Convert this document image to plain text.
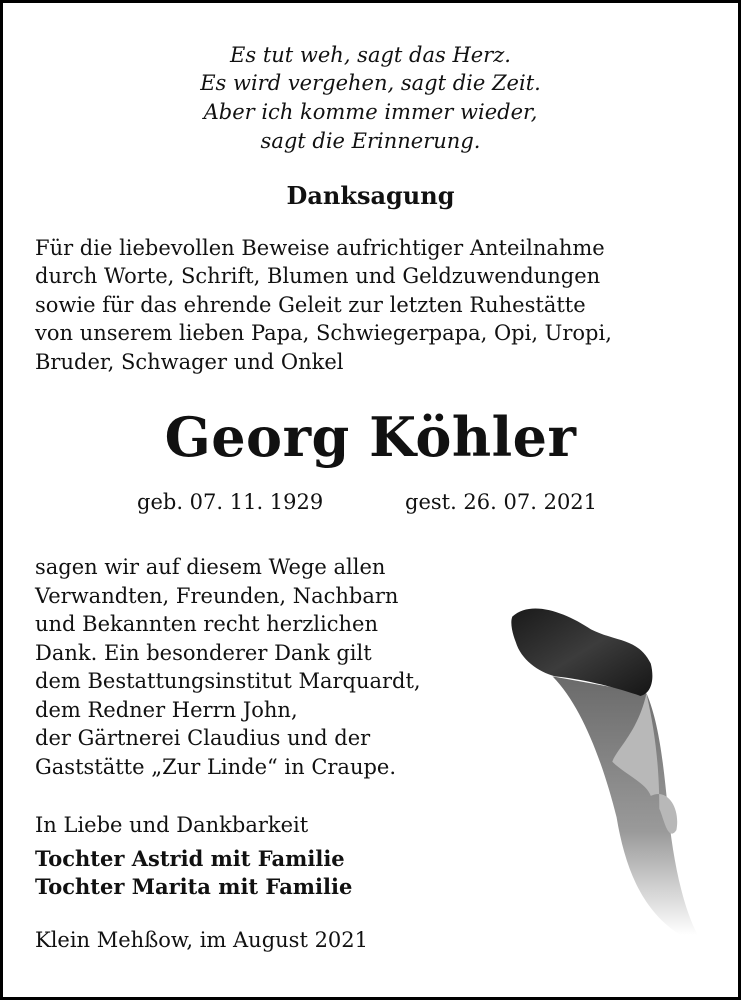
Es tut weh, sagt das Herz.
Es wird vergehen, sagt die Zeit.
Aber ich komme immer wieder,
sagt die Erinnerung.
Danksagung
Für die liebevollen Beweise aufrichtiger Anteilnahme
durch Worte, Schrift, Blumen und Geldzuwendungen
sowie für das ehrende Geleit zur letzten Ruhestätte
von unserem lieben Papa, Schwiegerpapa, Opi, Uropi,
Bruder, Schwager und Onkel
Georg Köhler
geb. 07. 11. 1929	gest. 26. 07. 2021
sagen wir auf diesem Wege allen
Verwandten, Freunden, Nachbarn
und Bekannten recht herzlichen
Dank. Ein besonderer Dank gilt
dem Bestattungsinstitut Marquardt,
dem Redner Herrn John,
der Gärtnerei Claudius und der
Gaststätte „Zur Linde“ in Craupe.
In Liebe und Dankbarkeit
Tochter Astrid mit Familie
Tochter Marita mit Familie
Klein Mehßow, im August 2021
